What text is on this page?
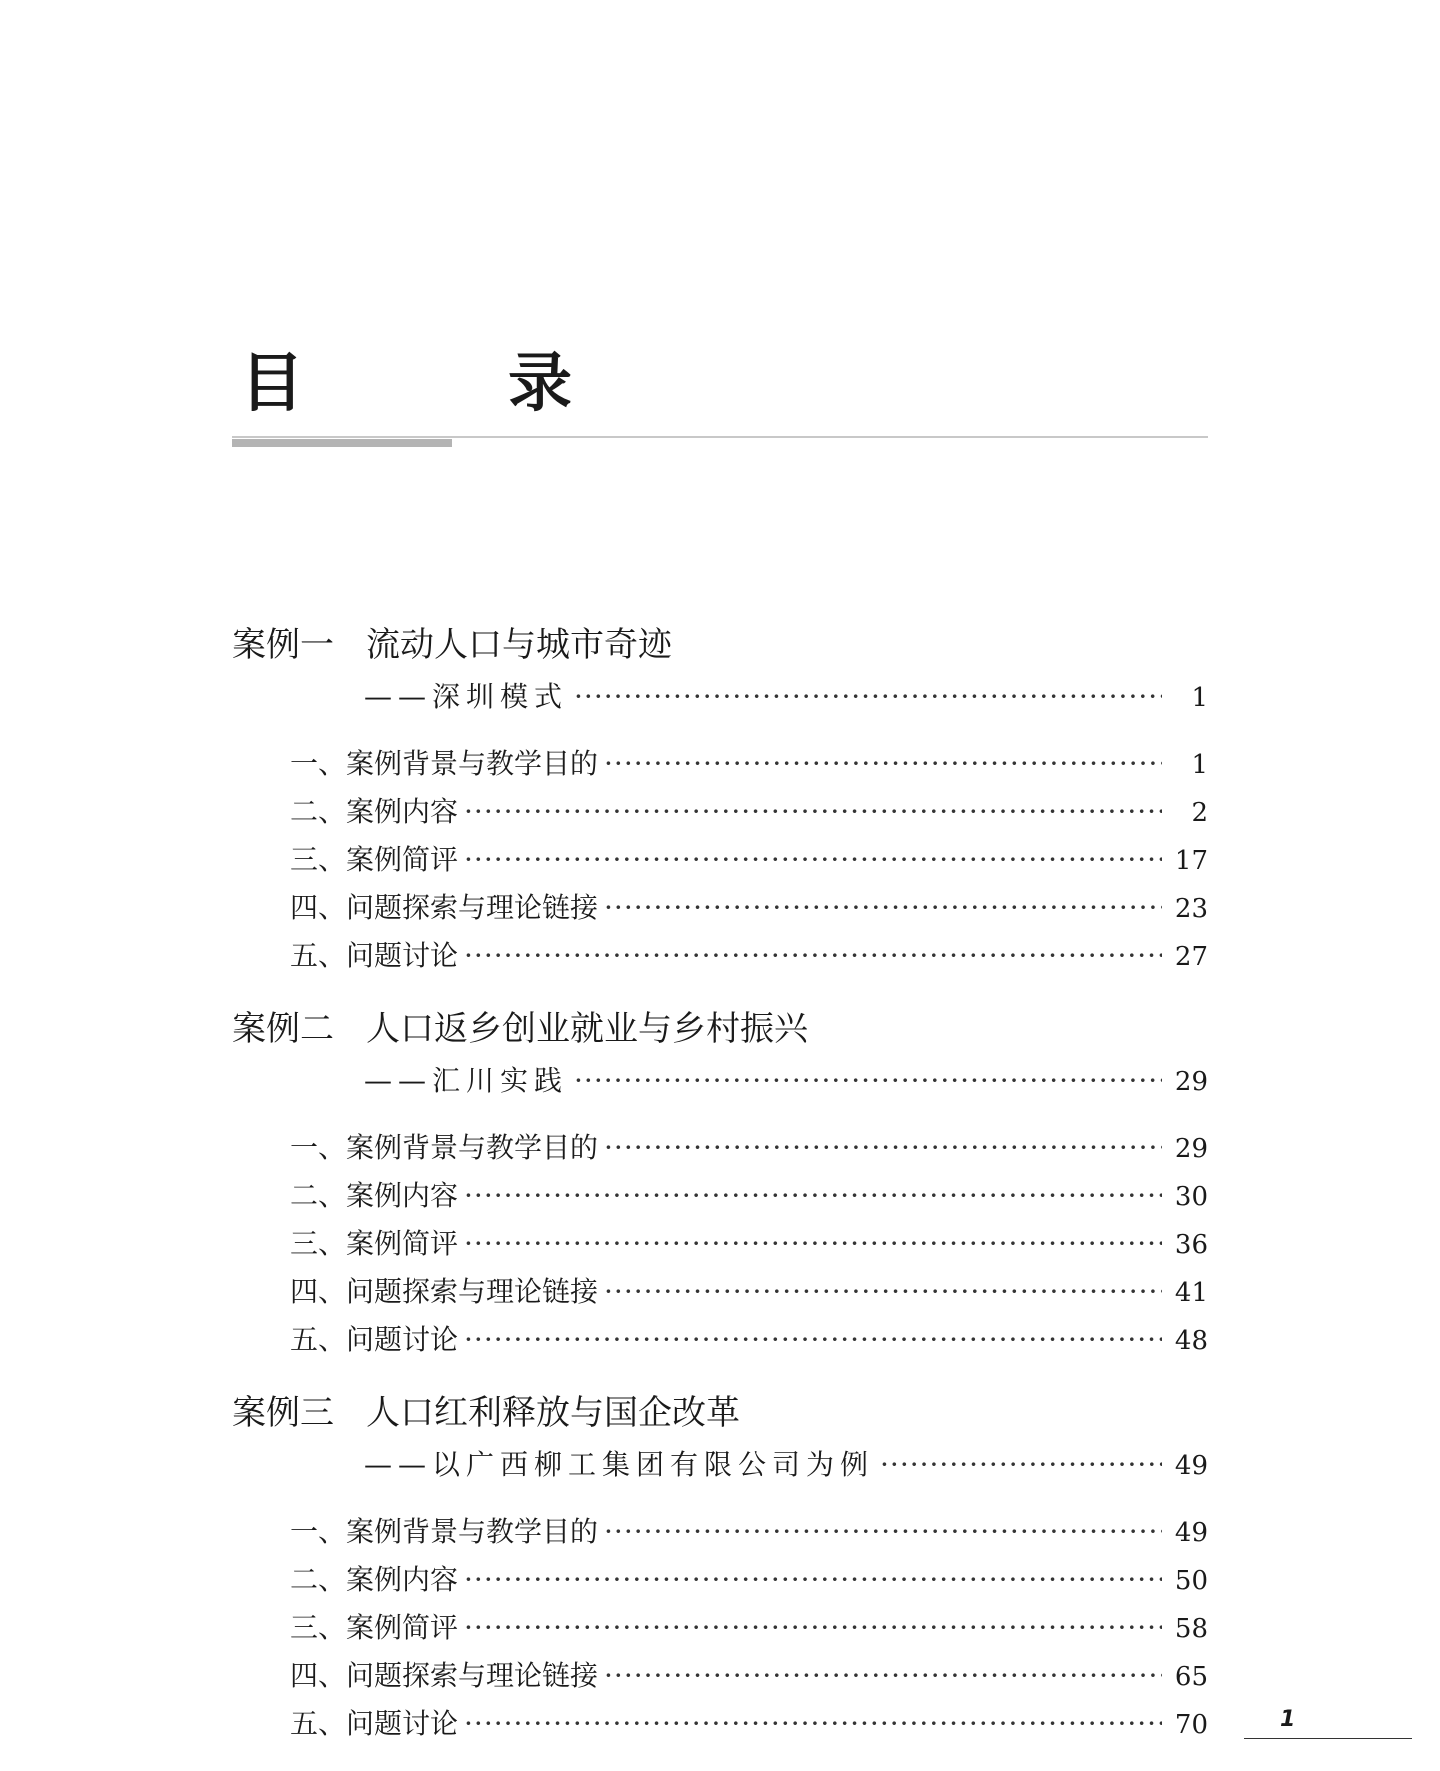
目　录
案例一 流动人口与城市奇迹
——深圳模式 ·····	1
一、案例背景与教学目的 ·····	1
二、案例内容 ·····	2
三、案例简评 ·····	17
四、问题探索与理论链接 ·····	23
五、问题讨论 ·····	27
案例二 人口返乡创业就业与乡村振兴
——汇川实践 ·····	29
一、案例背景与教学目的 ·····	29
二、案例内容 ·····	30
三、案例简评 ·····	36
四、问题探索与理论链接 ·····	41
五、问题讨论 ·····	48
案例三 人口红利释放与国企改革
——以广西柳工集团有限公司为例 ·····	49
一、案例背景与教学目的 ·····	49
二、案例内容 ·····	50
三、案例简评 ·····	58
四、问题探索与理论链接 ·····	65
五、问题讨论 ·····	70	1
